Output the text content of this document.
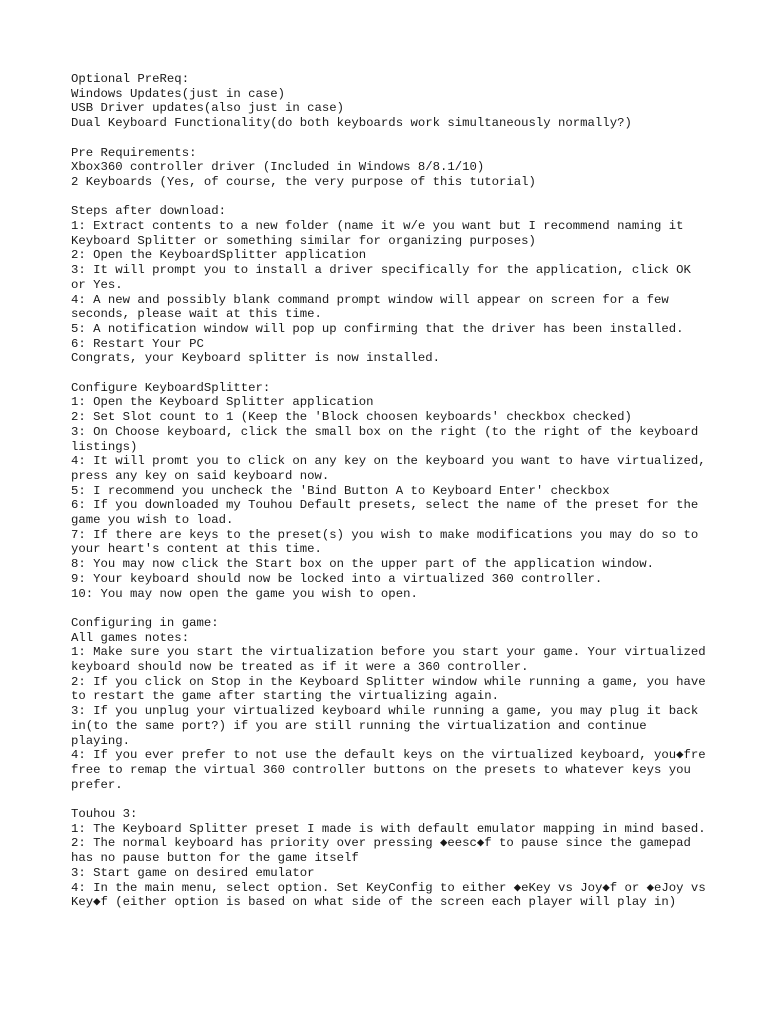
Optional PreReq:
Windows Updates(just in case)
USB Driver updates(also just in case)
Dual Keyboard Functionality(do both keyboards work simultaneously normally?)
Pre Requirements:
Xbox360 controller driver (Included in Windows 8/8.1/10)
2 Keyboards (Yes, of course, the very purpose of this tutorial)
Steps after download:
1: Extract contents to a new folder (name it w/e you want but I recommend naming it Keyboard Splitter or something similar for organizing purposes)
2: Open the KeyboardSplitter application
3: It will prompt you to install a driver specifically for the application, click OK or Yes.
4: A new and possibly blank command prompt window will appear on screen for a few seconds, please wait at this time.
5: A notification window will pop up confirming that the driver has been installed.
6: Restart Your PC
Congrats, your Keyboard splitter is now installed.
Configure KeyboardSplitter:
1: Open the Keyboard Splitter application
2: Set Slot count to 1 (Keep the 'Block choosen keyboards' checkbox checked)
3: On Choose keyboard, click the small box on the right (to the right of the keyboard listings)
4: It will promt you to click on any key on the keyboard you want to have virtualized, press any key on said keyboard now.
5: I recommend you uncheck the 'Bind Button A to Keyboard Enter' checkbox
6: If you downloaded my Touhou Default presets, select the name of the preset for the game you wish to load.
7: If there are keys to the preset(s) you wish to make modifications you may do so to your heart's content at this time.
8: You may now click the Start box on the upper part of the application window.
9: Your keyboard should now be locked into a virtualized 360 controller.
10: You may now open the game you wish to open.
Configuring in game:
All games notes:
1: Make sure you start the virtualization before you start your game. Your virtualized keyboard should now be treated as if it were a 360 controller.
2: If you click on Stop in the Keyboard Splitter window while running a game, you have to restart the game after starting the virtualizing again.
3: If you unplug your virtualized keyboard while running a game, you may plug it back in(to the same port?) if you are still running the virtualization and continue playing.
4: If you ever prefer to not use the default keys on the virtualized keyboard, you◆fre free to remap the virtual 360 controller buttons on the presets to whatever keys you prefer.
Touhou 3:
1: The Keyboard Splitter preset I made is with default emulator mapping in mind based.
2: The normal keyboard has priority over pressing ◆eesc◆f to pause since the gamepad has no pause button for the game itself
3: Start game on desired emulator
4: In the main menu, select option. Set KeyConfig to either ◆eKey vs Joy◆f or ◆eJoy vs Key◆f (either option is based on what side of the screen each player will play in)
